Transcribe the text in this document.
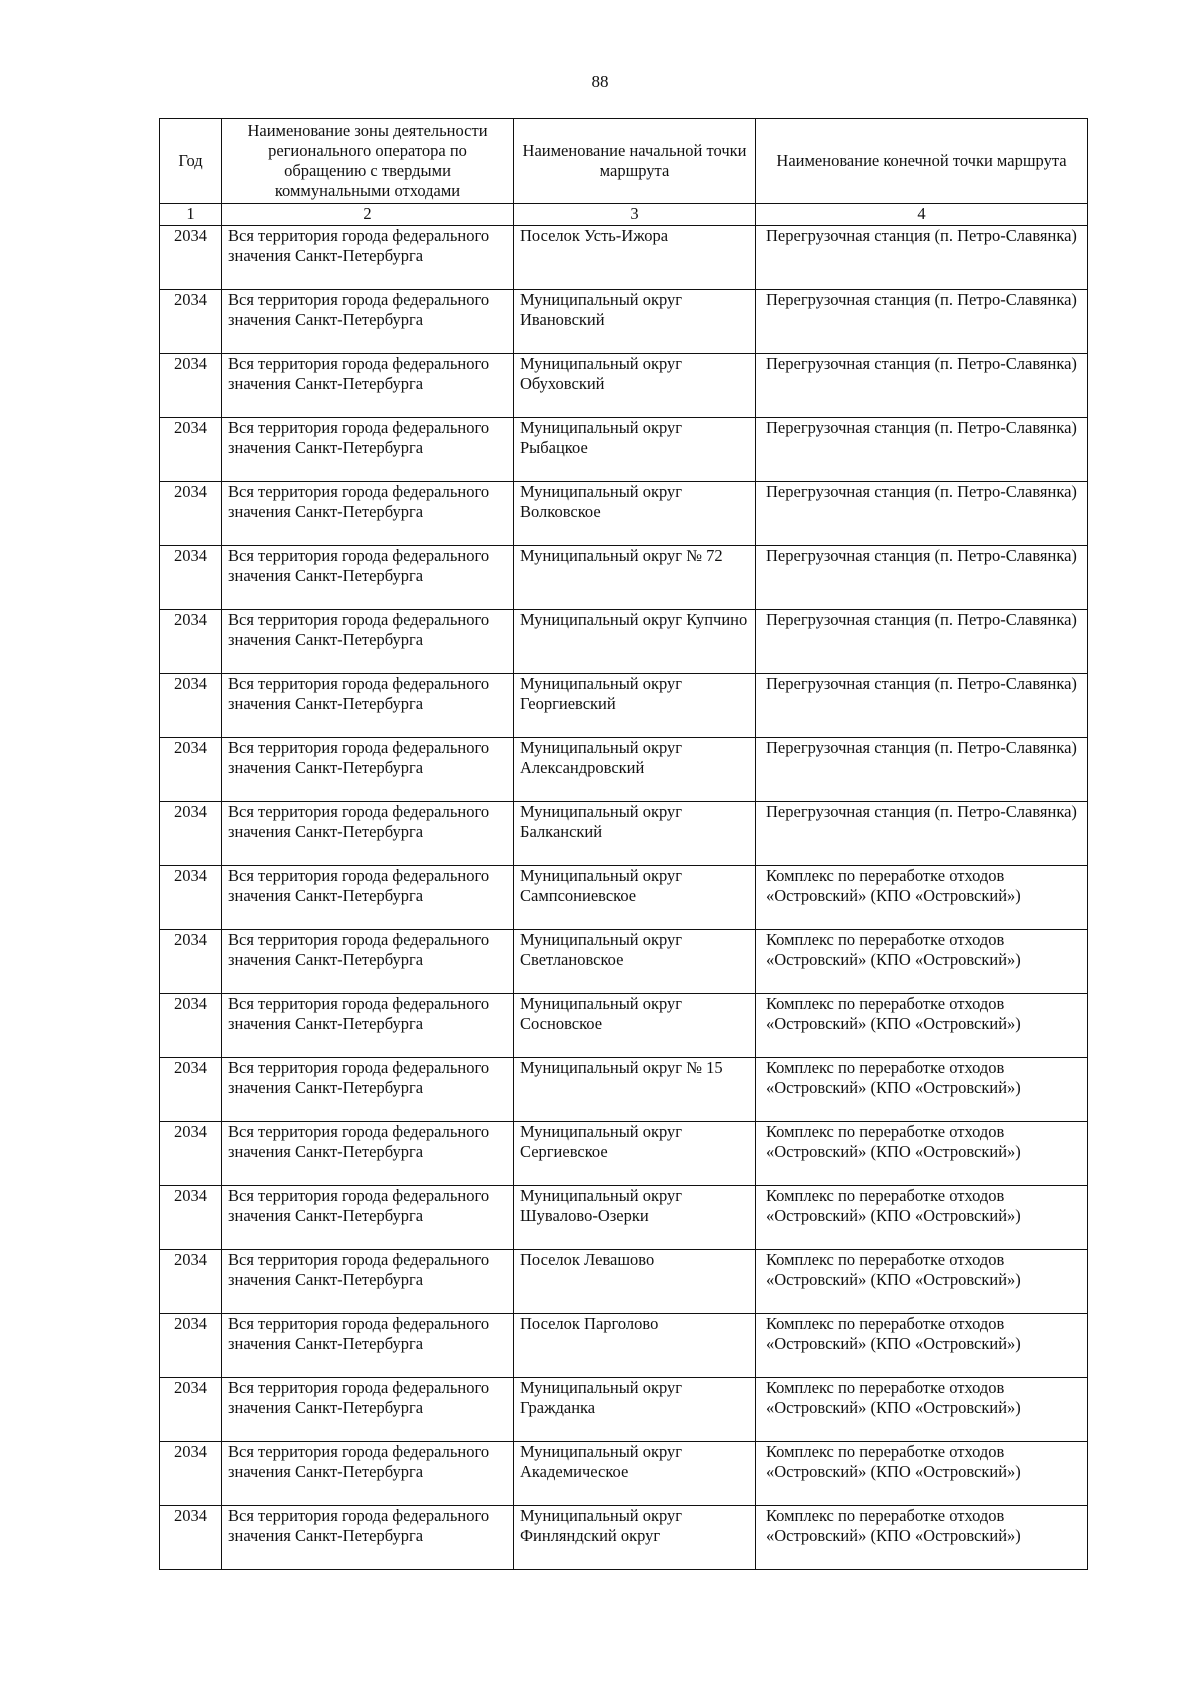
88
Год	Наименование зоны деятельности регионального оператора по обращению с твердыми коммунальными отходами	Наименование начальной точки маршрута	Наименование конечной точки маршрута
1	2	3	4
2034	Вся территория города федерального значения Санкт-Петербурга	Поселок Усть-Ижора	Перегрузочная станция (п. Петро-Славянка)
2034	Вся территория города федерального значения Санкт-Петербурга	Муниципальный округ Ивановский	Перегрузочная станция (п. Петро-Славянка)
2034	Вся территория города федерального значения Санкт-Петербурга	Муниципальный округ Обуховский	Перегрузочная станция (п. Петро-Славянка)
2034	Вся территория города федерального значения Санкт-Петербурга	Муниципальный округ Рыбацкое	Перегрузочная станция (п. Петро-Славянка)
2034	Вся территория города федерального значения Санкт-Петербурга	Муниципальный округ Волковское	Перегрузочная станция (п. Петро-Славянка)
2034	Вся территория города федерального значения Санкт-Петербурга	Муниципальный округ № 72	Перегрузочная станция (п. Петро-Славянка)
2034	Вся территория города федерального значения Санкт-Петербурга	Муниципальный округ Купчино	Перегрузочная станция (п. Петро-Славянка)
2034	Вся территория города федерального значения Санкт-Петербурга	Муниципальный округ Георгиевский	Перегрузочная станция (п. Петро-Славянка)
2034	Вся территория города федерального значения Санкт-Петербурга	Муниципальный округ Александровский	Перегрузочная станция (п. Петро-Славянка)
2034	Вся территория города федерального значения Санкт-Петербурга	Муниципальный округ Балканский	Перегрузочная станция (п. Петро-Славянка)
2034	Вся территория города федерального значения Санкт-Петербурга	Муниципальный округ Сампсониевское	Комплекс по переработке отходов «Островский» (КПО «Островский»)
2034	Вся территория города федерального значения Санкт-Петербурга	Муниципальный округ Светлановское	Комплекс по переработке отходов «Островский» (КПО «Островский»)
2034	Вся территория города федерального значения Санкт-Петербурга	Муниципальный округ Сосновское	Комплекс по переработке отходов «Островский» (КПО «Островский»)
2034	Вся территория города федерального значения Санкт-Петербурга	Муниципальный округ № 15	Комплекс по переработке отходов «Островский» (КПО «Островский»)
2034	Вся территория города федерального значения Санкт-Петербурга	Муниципальный округ Сергиевское	Комплекс по переработке отходов «Островский» (КПО «Островский»)
2034	Вся территория города федерального значения Санкт-Петербурга	Муниципальный округ Шувалово-Озерки	Комплекс по переработке отходов «Островский» (КПО «Островский»)
2034	Вся территория города федерального значения Санкт-Петербурга	Поселок Левашово	Комплекс по переработке отходов «Островский» (КПО «Островский»)
2034	Вся территория города федерального значения Санкт-Петербурга	Поселок Парголово	Комплекс по переработке отходов «Островский» (КПО «Островский»)
2034	Вся территория города федерального значения Санкт-Петербурга	Муниципальный округ Гражданка	Комплекс по переработке отходов «Островский» (КПО «Островский»)
2034	Вся территория города федерального значения Санкт-Петербурга	Муниципальный округ Академическое	Комплекс по переработке отходов «Островский» (КПО «Островский»)
2034	Вся территория города федерального значения Санкт-Петербурга	Муниципальный округ Финляндский округ	Комплекс по переработке отходов «Островский» (КПО «Островский»)
